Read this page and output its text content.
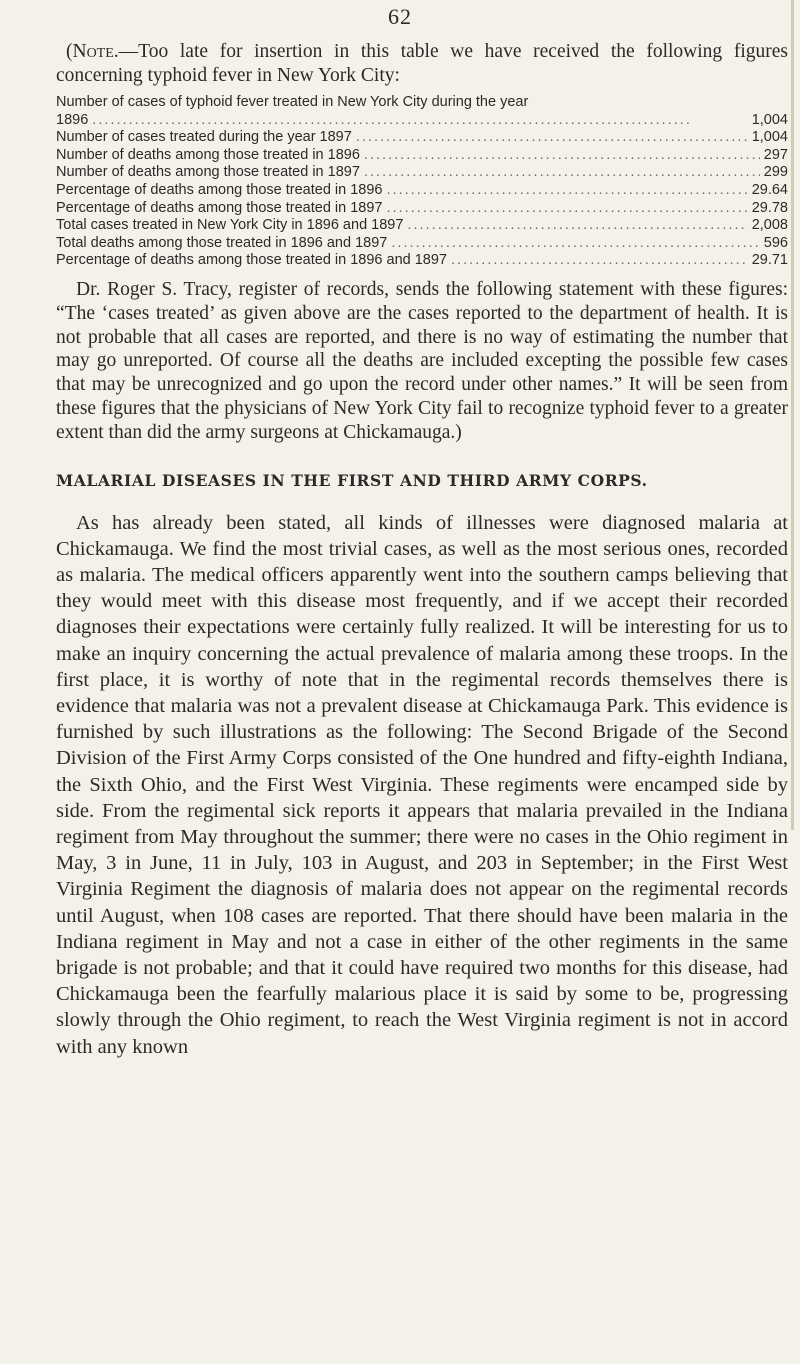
62

(Note.—Too late for insertion in this table we have received the following figures concerning typhoid fever in New York City:

Number of cases of typhoid fever treated in New York City during the year
1896 . . .	1,004
Number of cases treated during the year 1897 . . .	1,004
Number of deaths among those treated in 1896 . . .	297
Number of deaths among those treated in 1897 . . .	299
Percentage of deaths among those treated in 1896 . . .	29.64
Percentage of deaths among those treated in 1897 . . .	29.78
Total cases treated in New York City in 1896 and 1897 . . .	2,008
Total deaths among those treated in 1896 and 1897 . . .	596
Percentage of deaths among those treated in 1896 and 1897 . . .	29.71

Dr. Roger S. Tracy, register of records, sends the following statement with these figures: “The ‘cases treated’ as given above are the cases reported to the department of health. It is not probable that all cases are reported, and there is no way of estimating the number that may go unreported. Of course all the deaths are included excepting the possible few cases that may be unrecognized and go upon the record under other names.” It will be seen from these figures that the physicians of New York City fail to recognize typhoid fever to a greater extent than did the army surgeons at Chickamauga.)

MALARIAL DISEASES IN THE FIRST AND THIRD ARMY CORPS.

As has already been stated, all kinds of illnesses were diagnosed malaria at Chickamauga. We find the most trivial cases, as well as the most serious ones, recorded as malaria. The medical officers apparently went into the southern camps believing that they would meet with this disease most frequently, and if we accept their recorded diagnoses their expectations were certainly fully realized. It will be interesting for us to make an inquiry concerning the actual prevalence of malaria among these troops. In the first place, it is worthy of note that in the regimental records themselves there is evidence that malaria was not a prevalent disease at Chickamauga Park. This evidence is furnished by such illustrations as the following: The Second Brigade of the Second Division of the First Army Corps consisted of the One hundred and fifty-eighth Indiana, the Sixth Ohio, and the First West Virginia. These regiments were encamped side by side. From the regimental sick reports it appears that malaria prevailed in the Indiana regiment from May throughout the summer; there were no cases in the Ohio regiment in May, 3 in June, 11 in July, 103 in August, and 203 in September; in the First West Virginia Regiment the diagnosis of malaria does not appear on the regimental records until August, when 108 cases are reported. That there should have been malaria in the Indiana regiment in May and not a case in either of the other regiments in the same brigade is not probable; and that it could have required two months for this disease, had Chickamauga been the fearfully malarious place it is said by some to be, progressing slowly through the Ohio regiment, to reach the West Virginia regiment is not in accord with any known
